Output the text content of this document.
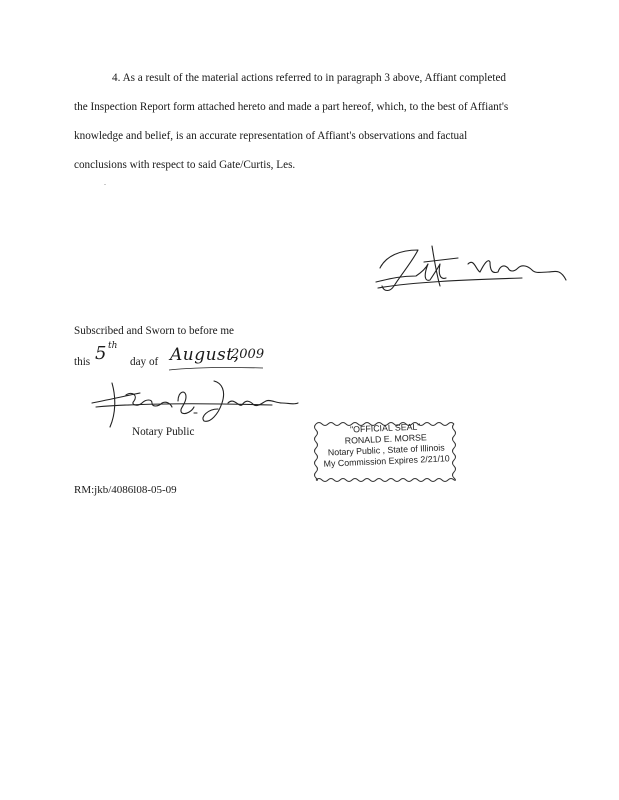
4. As a result of the material actions referred to in paragraph 3 above, Affiant completed
the Inspection Report form attached hereto and made a part hereof, which, to the best of Affiant's
knowledge and belief, is an accurate representation of Affiant's observations and factual
conclusions with respect to said Gate/Curtis, Les.
.
Subscribed and Sworn to before me
this 5 th
day of August,
2009
Notary Public	"OFFICIAL SEAL"
RONALD E. MORSE
Notary Public , State of Illinois
My Commission Expires 2/21/10
RM:jkb/4086l08-05-09
